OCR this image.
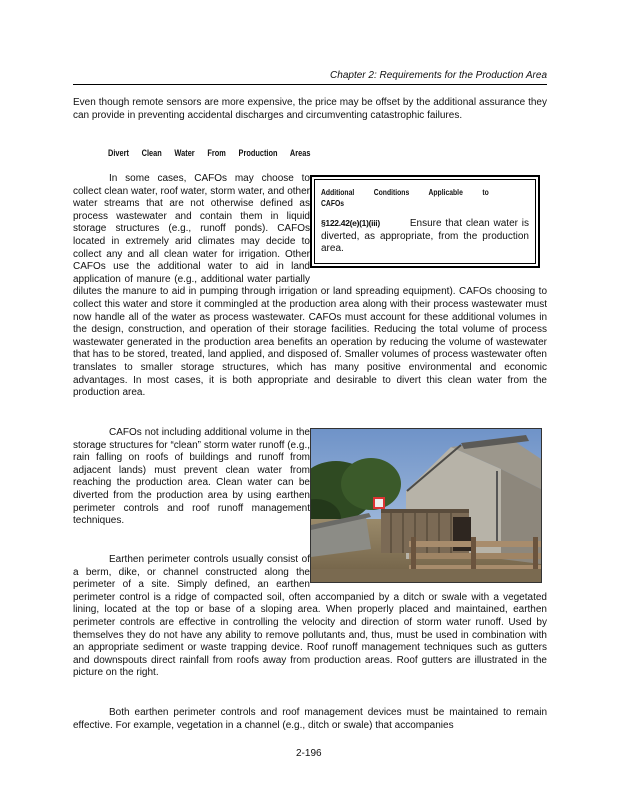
Chapter 2: Requirements for the Production Area

Even though remote sensors are more expensive, the price may be offset by the additional assurance they can provide in preventing accidental discharges and circumventing catastrophic failures.

Divert Clean Water From Production Areas
Additional Conditions Applicable to CAFOs
§122.42(e)(1)(iii)	Ensure that clean water is diverted, as appropriate, from the production area.
In some cases, CAFOs may choose to collect clean water, roof water, storm water, and other water streams that are not otherwise defined as process wastewater and contain them in liquid storage structures (e.g., runoff ponds). CAFOs located in extremely arid climates may decide to collect any and all clean water for irrigation. Other CAFOs use the additional water to aid in land application of manure (e.g., additional water partially dilutes the manure to aid in pumping through irrigation or land spreading equipment). CAFOs choosing to collect this water and store it commingled at the production area along with their process wastewater must now handle all of the water as process wastewater. CAFOs must account for these additional volumes in the design, construction, and operation of their storage facilities. Reducing the total volume of process wastewater generated in the production area benefits an operation by reducing the volume of wastewater that has to be stored, treated, land applied, and disposed of. Smaller volumes of process wastewater often translates to smaller storage structures, which has many positive environmental and economic advantages. In most cases, it is both appropriate and desirable to divert this clean water from the production area.
CAFOs not including additional volume in the storage structures for “clean” storm water runoff (e.g., rain falling on roofs of buildings and runoff from adjacent lands) must prevent clean water from reaching the production area. Clean water can be diverted from the production area by using earthen perimeter controls and roof runoff management techniques.
Earthen perimeter controls usually consist of a berm, dike, or channel constructed along the perimeter of a site. Simply defined, an earthen perimeter control is a ridge of compacted soil, often accompanied by a ditch or swale with a vegetated lining, located at the top or base of a sloping area. When properly placed and maintained, earthen perimeter controls are effective in controlling the velocity and direction of storm water runoff. Used by themselves they do not have any ability to remove pollutants and, thus, must be used in combination with an appropriate sediment or waste trapping device. Roof runoff management techniques such as gutters and downspouts direct rainfall from roofs away from production areas. Roof gutters are illustrated in the picture on the right.
Both earthen perimeter controls and roof management devices must be maintained to remain effective. For example, vegetation in a channel (e.g., ditch or swale) that accompanies
2-196
